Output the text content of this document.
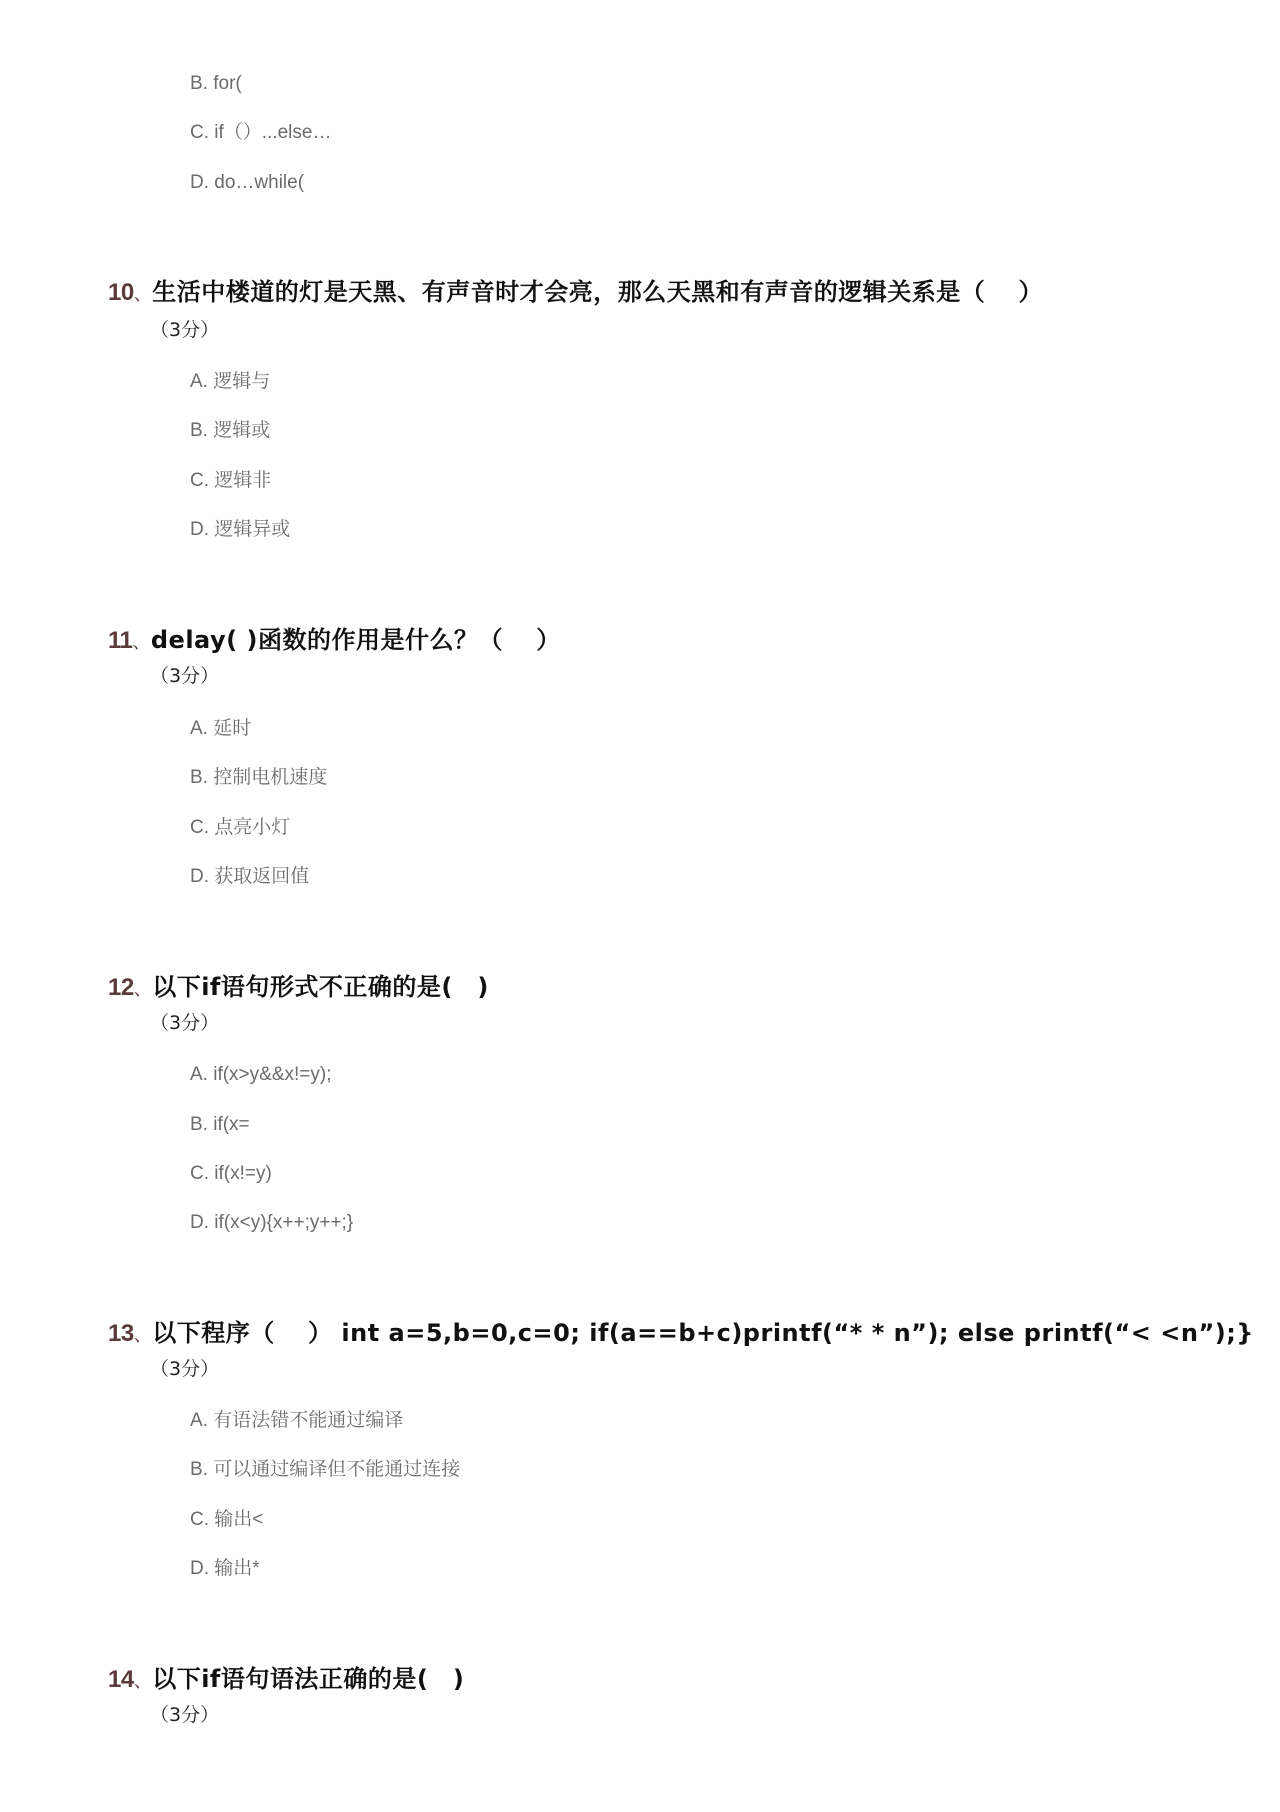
B. for(
C. if（）...else…
D. do…while(
10、生活中楼道的灯是天黑、有声音时才会亮，那么天黑和有声音的逻辑关系是（　 ）
（3分）
A. 逻辑与
B. 逻辑或
C. 逻辑非
D. 逻辑异或
11、delay( )函数的作用是什么？（　 ）
（3分）
A. 延时
B. 控制电机速度
C. 点亮小灯
D. 获取返回值
12、以下if语句形式不正确的是(　)
（3分）
A. if(x>y&&x!=y);
B. if(x=
C. if(x!=y)
D. if(x<y){x++;y++;}
13、以下程序（　 ） int a=5,b=0,c=0; if(a==b+c)printf(“* * n”); else printf(“< <n”);}
（3分）
A. 有语法错不能通过编译
B. 可以通过编译但不能通过连接
C. 输出<
D. 输出*
14、以下if语句语法正确的是(　)
（3分）
